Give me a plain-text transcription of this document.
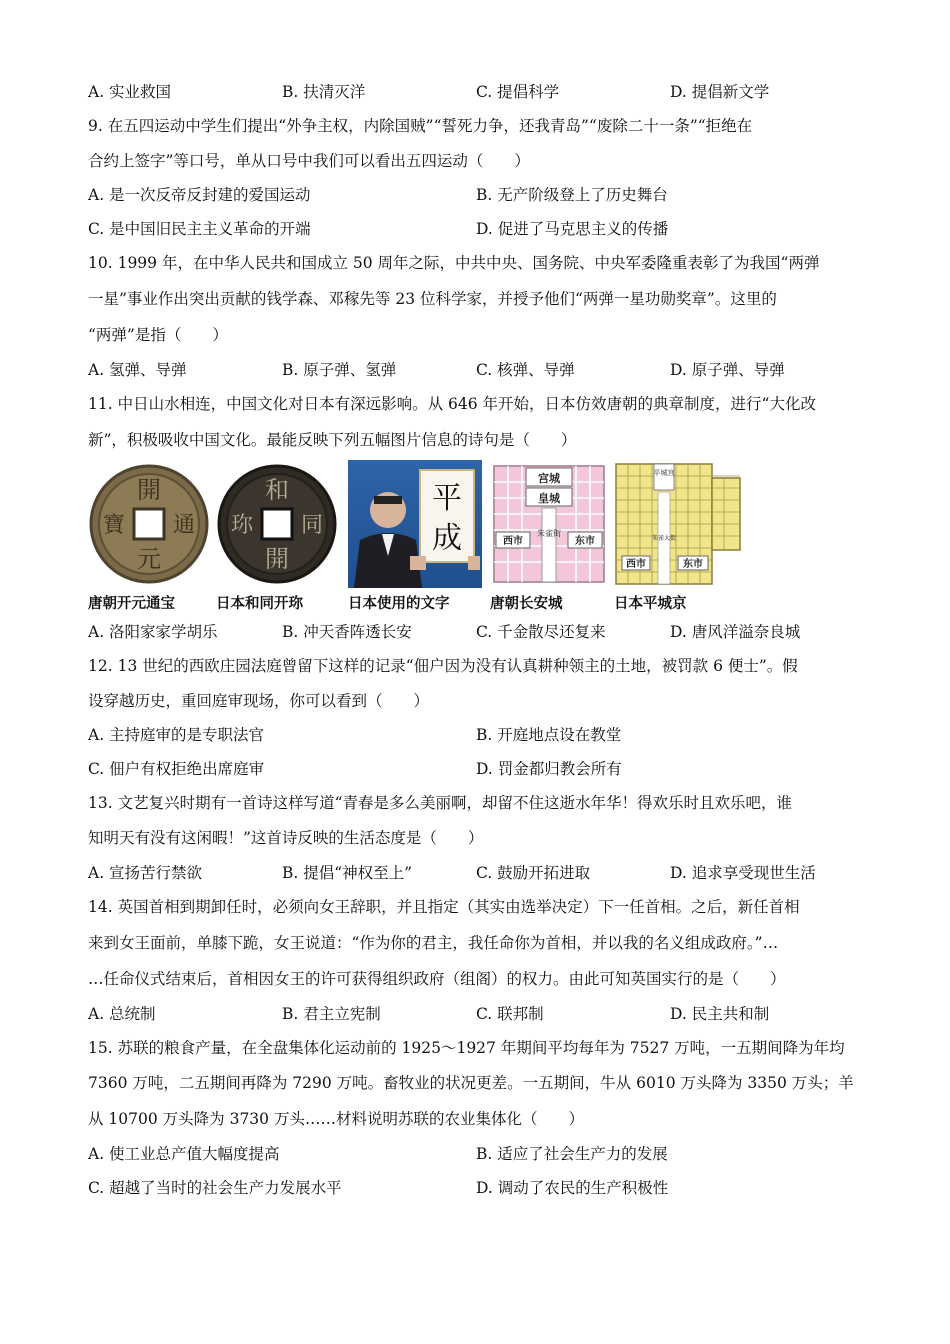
A. 实业救国	B. 扶清灭洋	C. 提倡科学	D. 提倡新文学
9. 在五四运动中学生们提出“外争主权，内除国贼”“誓死力争，还我青岛”“废除二十一条”“拒绝在
合约上签字”等口号，单从口号中我们可以看出五四运动（　　）
A. 是一次反帝反封建的爱国运动	B. 无产阶级登上了历史舞台
C. 是中国旧民主主义革命的开端	D. 促进了马克思主义的传播
10. 1999 年，在中华人民共和国成立 50 周年之际，中共中央、国务院、中央军委隆重表彰了为我国“两弹
一星”事业作出突出贡献的钱学森、邓稼先等 23 位科学家，并授予他们“两弹一星功勋奖章”。这里的
“两弹”是指（　　）
A. 氢弹、导弹	B. 原子弹、氢弹	C. 核弹、导弹	D. 原子弹、导弹
11. 中日山水相连，中国文化对日本有深远影响。从 646 年开始，日本仿效唐朝的典章制度，进行“大化改
新”，积极吸收中国文化。最能反映下列五幅图片信息的诗句是（　　）
開
元
通
寶
和
開
同
珎
平
成
宫城
皇城
朱雀街
西市	东市
平城宫
朱雀大街
西市	东市
唐朝开元通宝	日本和同开珎	日本使用的文字	唐朝长安城	日本平城京
A. 洛阳家家学胡乐	B. 冲天香阵透长安	C. 千金散尽还复来	D. 唐风洋溢奈良城
12. 13 世纪的西欧庄园法庭曾留下这样的记录“佃户因为没有认真耕种领主的土地，被罚款 6 便士”。假
设穿越历史，重回庭审现场，你可以看到（　　）
A. 主持庭审的是专职法官	B. 开庭地点设在教堂
C. 佃户有权拒绝出席庭审	D. 罚金都归教会所有
13. 文艺复兴时期有一首诗这样写道“青春是多么美丽啊，却留不住这逝水年华！得欢乐时且欢乐吧，谁
知明天有没有这闲暇！”这首诗反映的生活态度是（　　）
A. 宣扬苦行禁欲	B. 提倡“神权至上”	C. 鼓励开拓进取	D. 追求享受现世生活
14. 英国首相到期卸任时，必须向女王辞职，并且指定（其实由选举决定）下一任首相。之后，新任首相
来到女王面前，单膝下跪，女王说道：“作为你的君主，我任命你为首相，并以我的名义组成政府。”…
…任命仪式结束后，首相因女王的许可获得组织政府（组阁）的权力。由此可知英国实行的是（　　）
A. 总统制	B. 君主立宪制	C. 联邦制	D. 民主共和制
15. 苏联的粮食产量，在全盘集体化运动前的 1925～1927 年期间平均每年为 7527 万吨，一五期间降为年均
7360 万吨，二五期间再降为 7290 万吨。畜牧业的状况更差。一五期间，牛从 6010 万头降为 3350 万头；羊
从 10700 万头降为 3730 万头……材料说明苏联的农业集体化（　　）
A. 使工业总产值大幅度提高	B. 适应了社会生产力的发展
C. 超越了当时的社会生产力发展水平	D. 调动了农民的生产积极性
